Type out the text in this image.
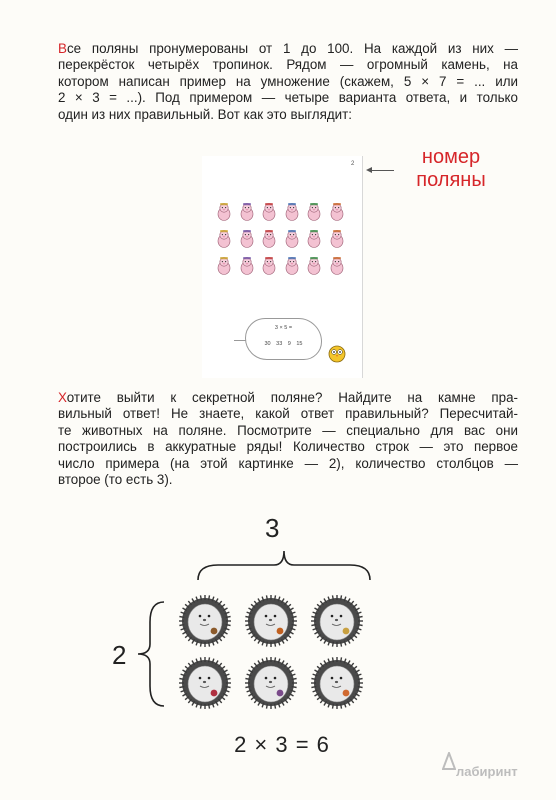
Все поляны пронумерованы от 1 до 100. На каждой из них —
перекрёсток четырёх тропинок. Рядом — огромный камень, на
котором написан пример на умножение (скажем, 5 × 7 = ... или
2 × 3 = ...). Под примером — четыре варианта ответа, и только
один из них правильный. Вот как это выглядит:
2	номер
поляны
3 × 5 =
30 33 9 15
Хотите выйти к секретной поляне? Найдите на камне пра-
вильный ответ! Не знаете, какой ответ правильный? Пересчитай-
те животных на поляне. Посмотрите — специально для вас они
построились в аккуратные ряды! Количество строк — это первое
число примера (на этой картинке — 2), количество столбцов —
второе (то есть 3).
3
2
2 × 3 = 6
лабиринт
